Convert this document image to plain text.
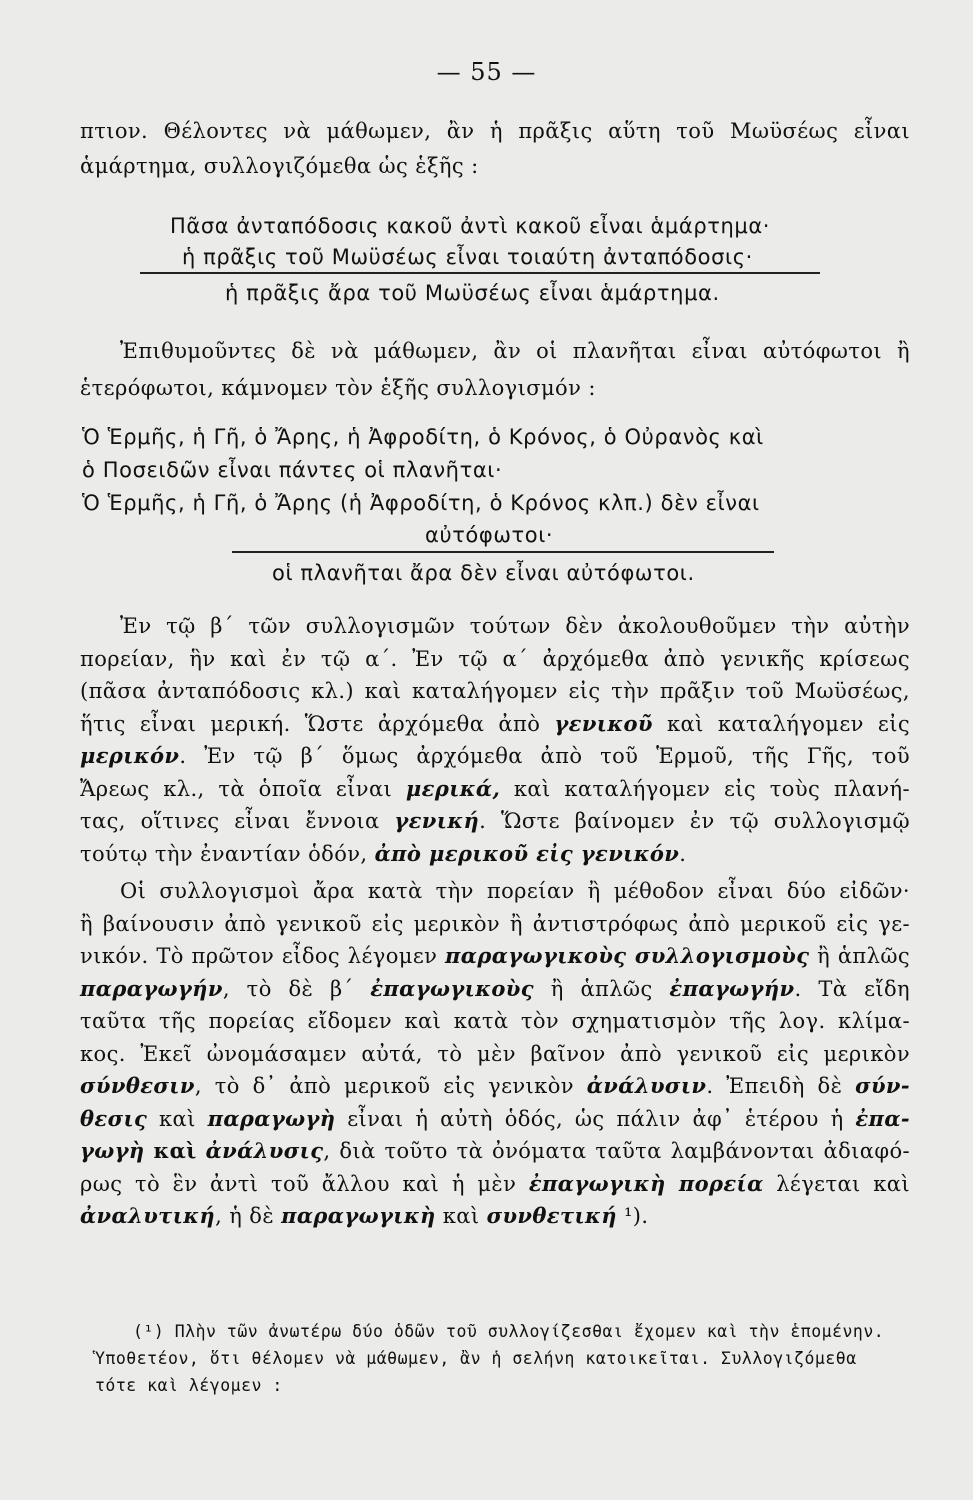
— 55 —
πτιον. Θέλοντες νὰ μάθωμεν, ἂν ἡ πρᾶξις αὕτη τοῦ Μωϋσέως εἶναι
ἁμάρτημα, συλλογιζόμεθα ὡς ἑξῆς :
Πᾶσα ἀνταπόδοσις κακοῦ ἀντὶ κακοῦ εἶναι ἁμάρτημα·
ἡ πρᾶξις τοῦ Μωϋσέως εἶναι τοιαύτη ἀνταπόδοσις·
ἡ πρᾶξις ἄρα τοῦ Μωϋσέως εἶναι ἁμάρτημα.
Ἐπιθυμοῦντες δὲ νὰ μάθωμεν, ἂν οἱ πλανῆται εἶναι αὐτόφωτοι ἢ
ἑτερόφωτοι, κάμνομεν τὸν ἑξῆς συλλογισμόν :
Ὁ Ἑρμῆς, ἡ Γῆ, ὁ Ἄρης, ἡ Ἀφροδίτη, ὁ Κρόνος, ὁ Οὐρανὸς καὶ
ὁ Ποσειδῶν εἶναι πάντες οἱ πλανῆται·
Ὁ Ἑρμῆς, ἡ Γῆ, ὁ Ἄρης (ἡ Ἀφροδίτη, ὁ Κρόνος κλπ.) δὲν εἶναι
αὐτόφωτοι·
οἱ πλανῆται ἄρα δὲν εἶναι αὐτόφωτοι.
Ἐν τῷ β΄ τῶν συλλογισμῶν τούτων δὲν ἀκολουθοῦμεν τὴν αὐτὴν
πορείαν, ἣν καὶ ἐν τῷ α΄. Ἐν τῷ α΄ ἀρχόμεθα ἀπὸ γενικῆς κρίσεως
(πᾶσα ἀνταπόδοσις κλ.) καὶ καταλήγομεν εἰς τὴν πρᾶξιν τοῦ Μωϋσέως,
ἥτις εἶναι μερική. Ὥστε ἀρχόμεθα ἀπὸ γενικοῦ καὶ καταλήγομεν εἰς
μερικόν. Ἐν τῷ β΄ ὅμως ἀρχόμεθα ἀπὸ τοῦ Ἑρμοῦ, τῆς Γῆς, τοῦ
Ἄρεως κλ., τὰ ὁποῖα εἶναι μερικά, καὶ καταλήγομεν εἰς τοὺς πλανή-
τας, οἵτινες εἶναι ἔννοια γενική. Ὥστε βαίνομεν ἐν τῷ συλλογισμῷ
τούτῳ τὴν ἐναντίαν ὁδόν, ἀπὸ μερικοῦ εἰς γενικόν.
Οἱ συλλογισμοὶ ἄρα κατὰ τὴν πορείαν ἢ μέθοδον εἶναι δύο εἰδῶν·
ἢ βαίνουσιν ἀπὸ γενικοῦ εἰς μερικὸν ἢ ἀντιστρόφως ἀπὸ μερικοῦ εἰς γε-
νικόν. Τὸ πρῶτον εἶδος λέγομεν παραγωγικοὺς συλλογισμοὺς ἢ ἁπλῶς
παραγωγήν, τὸ δὲ β΄ ἐπαγωγικοὺς ἢ ἁπλῶς ἐπαγωγήν. Τὰ εἴδη
ταῦτα τῆς πορείας εἴδομεν καὶ κατὰ τὸν σχηματισμὸν τῆς λογ. κλίμα-
κος. Ἐκεῖ ὠνομάσαμεν αὐτά, τὸ μὲν βαῖνον ἀπὸ γενικοῦ εἰς μερικὸν
σύνθεσιν, τὸ δ᾽ ἀπὸ μερικοῦ εἰς γενικὸν ἀνάλυσιν. Ἐπειδὴ δὲ σύν-
θεσις καὶ παραγωγὴ εἶναι ἡ αὐτὴ ὁδός, ὡς πάλιν ἀφ᾽ ἑτέρου ἡ ἐπα-
γωγὴ καὶ ἀνάλυσις, διὰ τοῦτο τὰ ὀνόματα ταῦτα λαμβάνονται ἀδιαφό-
ρως τὸ ἓν ἀντὶ τοῦ ἄλλου καὶ ἡ μὲν ἐπαγωγικὴ πορεία λέγεται καὶ
ἀναλυτική, ἡ δὲ παραγωγικὴ καὶ συνθετική ¹).
(¹) Πλὴν τῶν ἀνωτέρω δύο ὁδῶν τοῦ συλλογίζεσθαι ἔχομεν καὶ τὴν ἑπομένην.
Ὑποθετέον, ὅτι θέλομεν νὰ μάθωμεν, ἂν ἡ σελήνη κατοικεῖται. Συλλογιζόμεθα
τότε καὶ λέγομεν :
